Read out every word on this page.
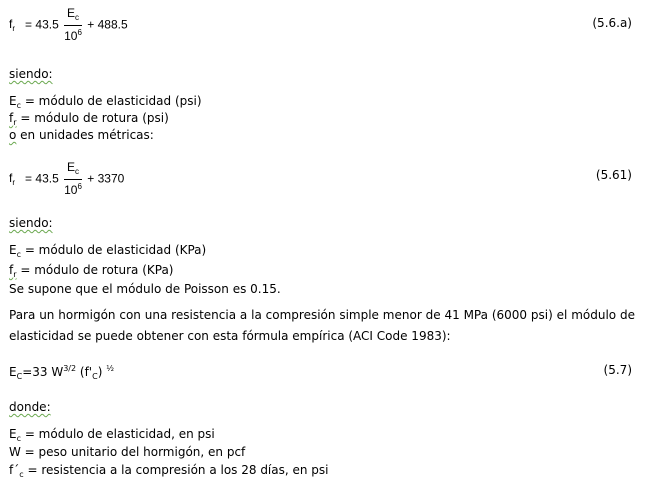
$f_r = 43.5 \frac{E_c}{10^6} + 488.5$	(5.6.a)
siendo:
$E_c$ = módulo de elasticidad (psi)
$f_r$ = módulo de rotura (psi)
o en unidades métricas:
$f_r = 43.5 \frac{E_c}{10^6} + 3370$	(5.61)
siendo:
$E_c$ = módulo de elasticidad (KPa)
$f_r$ = módulo de rotura (KPa)
Se supone que el módulo de Poisson es 0.15.
Para un hormigón con una resistencia a la compresión simple menor de 41 MPa (6000 psi) el módulo de elasticidad se puede obtener con esta fórmula empírica (ACI Code 1983):
$E_C=33$ $W^{3/2}$ $(f'_C)$ $^{\frac{1}{2}}$	(5.7)
donde:
$E_c$ = módulo de elasticidad, en psi
W = peso unitario del hormigón, en pcf
$f´_c$ = resistencia a la compresión a los 28 días, en psi
